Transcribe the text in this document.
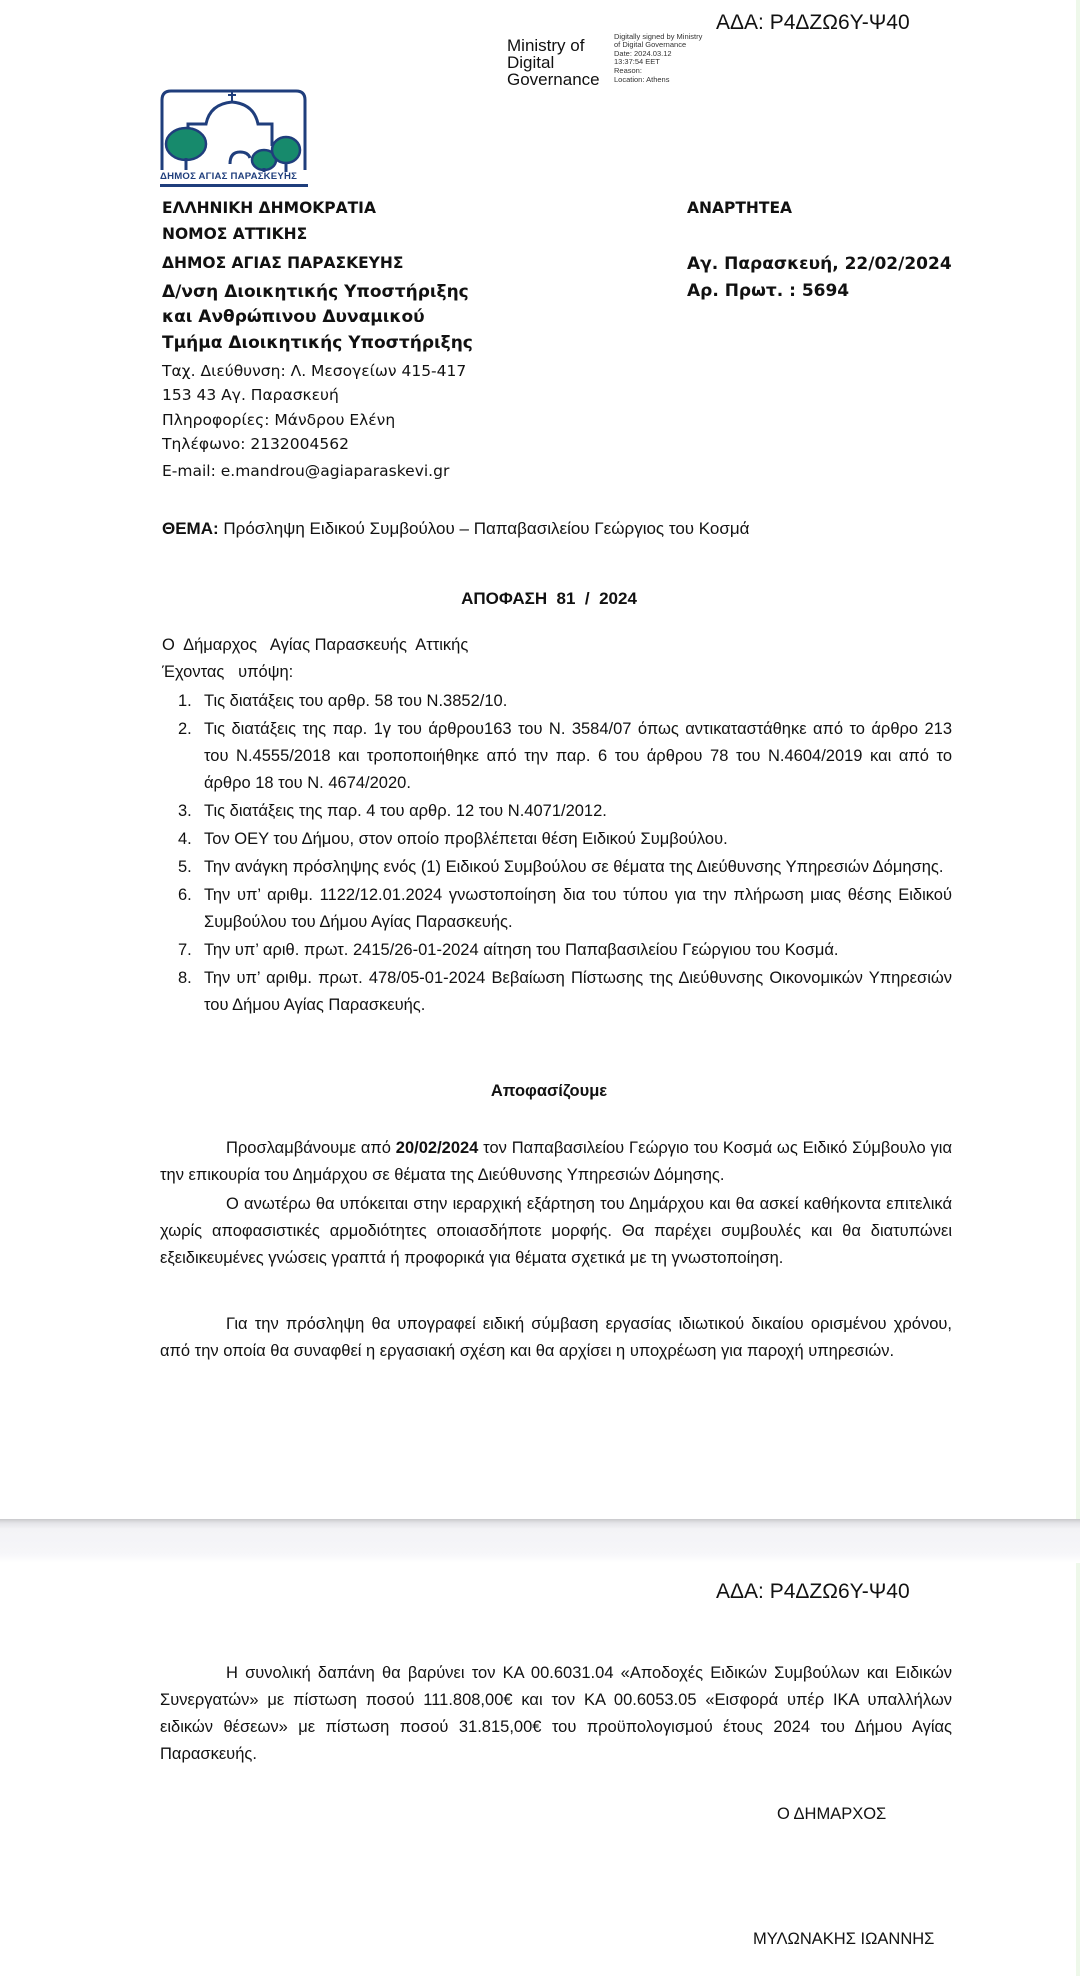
ΑΔΑ: Ρ4ΔΖΩ6Υ-Ψ40
Ministry of
Digital
Governance
Digitally signed by Ministry
of Digital Governance
Date: 2024.03.12
13:37:54 EET
Reason:
Location: Athens
ΔΗΜΟΣ ΑΓΙΑΣ ΠΑΡΑΣΚΕΥΗΣ
ΕΛΛΗΝΙΚΗ ΔΗΜΟΚΡΑΤΙΑ
ΝΟΜΟΣ ΑΤΤΙΚΗΣ
ΔΗΜΟΣ ΑΓΙΑΣ ΠΑΡΑΣΚΕΥΗΣ
Δ/νση Διοικητικής Υποστήριξης
και Ανθρώπινου Δυναμικού
Τμήμα Διοικητικής Υποστήριξης
Ταχ. Διεύθυνση: Λ. Μεσογείων 415-417
153 43 Αγ. Παρασκευή
Πληροφορίες: Μάνδρου Ελένη
Τηλέφωνο: 2132004562
E-mail: e.mandrou@agiaparaskevi.gr
ΑΝΑΡΤΗΤΕΑ
Αγ. Παρασκευή, 22/02/2024
Αρ. Πρωτ. : 5694
ΘΕΜΑ: Πρόσληψη Ειδικού Συμβούλου – Παπαβασιλείου Γεώργιος του Κοσμά
ΑΠΟΦΑΣΗ  81  /  2024
Ο  Δήμαρχος   Αγίας Παρασκευής  Αττικής
Έχοντας   υπόψη:
1. Τις διατάξεις του αρθρ. 58 του Ν.3852/10.
2. Τις διατάξεις της παρ. 1γ του άρθρου163 του Ν. 3584/07 όπως αντικαταστάθηκε από το άρθρο 213 του Ν.4555/2018 και τροποποιήθηκε από την παρ. 6 του άρθρου 78 του Ν.4604/2019 και από το άρθρο 18 του Ν. 4674/2020.
3. Τις διατάξεις της παρ. 4 του αρθρ. 12 του Ν.4071/2012.
4. Τον ΟΕΥ του Δήμου, στον οποίο προβλέπεται θέση Ειδικού Συμβούλου.
5. Την ανάγκη πρόσληψης ενός (1) Ειδικού Συμβούλου σε θέματα της Διεύθυνσης Υπηρεσιών Δόμησης.
6. Την υπ’ αριθμ. 1122/12.01.2024 γνωστοποίηση δια του τύπου για την πλήρωση μιας θέσης Ειδικού Συμβούλου του Δήμου Αγίας Παρασκευής.
7. Την υπ’ αριθ. πρωτ. 2415/26-01-2024 αίτηση του Παπαβασιλείου Γεώργιου του Κοσμά.
8. Την υπ’ αριθμ. πρωτ. 478/05-01-2024 Βεβαίωση Πίστωσης της Διεύθυνσης Οικονομικών Υπηρεσιών του Δήμου Αγίας Παρασκευής.
Αποφασίζουμε
Προσλαμβάνουμε από 20/02/2024 τον Παπαβασιλείου Γεώργιο του Κοσμά ως Ειδικό Σύμβουλο για την επικουρία του Δημάρχου σε θέματα της Διεύθυνσης Υπηρεσιών Δόμησης.
Ο ανωτέρω θα υπόκειται στην ιεραρχική εξάρτηση του Δημάρχου και θα ασκεί καθήκοντα επιτελικά χωρίς αποφασιστικές αρμοδιότητες οποιασδήποτε μορφής. Θα παρέχει συμβουλές και θα διατυπώνει εξειδικευμένες γνώσεις γραπτά ή προφορικά για θέματα σχετικά με τη γνωστοποίηση.
Για την πρόσληψη θα υπογραφεί ειδική σύμβαση εργασίας ιδιωτικού δικαίου ορισμένου χρόνου, από την οποία θα συναφθεί η εργασιακή σχέση και θα αρχίσει η υποχρέωση για παροχή υπηρεσιών.
ΑΔΑ: Ρ4ΔΖΩ6Υ-Ψ40
Η συνολική δαπάνη θα βαρύνει τον ΚΑ 00.6031.04 «Αποδοχές Ειδικών Συμβούλων και Ειδικών Συνεργατών» με πίστωση ποσού 111.808,00€ και τον ΚΑ 00.6053.05 «Εισφορά υπέρ ΙΚΑ υπαλλήλων ειδικών θέσεων» με πίστωση ποσού 31.815,00€ του προϋπολογισμού έτους 2024 του Δήμου Αγίας Παρασκευής.
Ο ΔΗΜΑΡΧΟΣ
ΜΥΛΩΝΑΚΗΣ ΙΩΑΝΝΗΣ
